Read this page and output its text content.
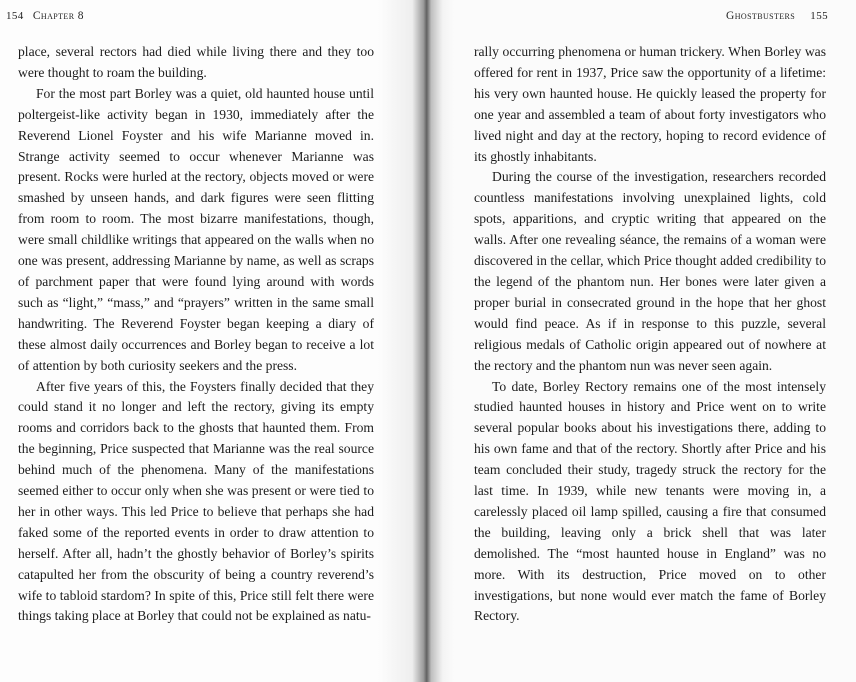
154 Chapter 8

place, several rectors had died while living there and they too were thought to roam the building.

For the most part Borley was a quiet, old haunted house until poltergeist-like activity began in 1930, immediately after the Reverend Lionel Foyster and his wife Marianne moved in. Strange activity seemed to occur whenever Marianne was present. Rocks were hurled at the rectory, objects moved or were smashed by unseen hands, and dark figures were seen flitting from room to room. The most bizarre manifestations, though, were small childlike writings that appeared on the walls when no one was present, addressing Marianne by name, as well as scraps of parchment paper that were found lying around with words such as “light,” “mass,” and “prayers” written in the same small handwriting. The Reverend Foyster began keeping a diary of these almost daily occurrences and Borley began to receive a lot of attention by both curiosity seekers and the press.

After five years of this, the Foysters finally decided that they could stand it no longer and left the rectory, giving its empty rooms and corridors back to the ghosts that haunted them. From the beginning, Price suspected that Marianne was the real source behind much of the phenomena. Many of the manifestations seemed either to occur only when she was present or were tied to her in other ways. This led Price to believe that perhaps she had faked some of the reported events in order to draw attention to herself. After all, hadn’t the ghostly behavior of Borley’s spirits catapulted her from the obscurity of being a country reverend’s wife to tabloid stardom? In spite of this, Price still felt there were things taking place at Borley that could not be explained as natu-

Ghostbusters 155

rally occurring phenomena or human trickery. When Borley was offered for rent in 1937, Price saw the opportunity of a lifetime: his very own haunted house. He quickly leased the property for one year and assembled a team of about forty investigators who lived night and day at the rectory, hoping to record evidence of its ghostly inhabitants.

During the course of the investigation, researchers recorded countless manifestations involving unexplained lights, cold spots, apparitions, and cryptic writing that appeared on the walls. After one revealing séance, the remains of a woman were discovered in the cellar, which Price thought added credibility to the legend of the phantom nun. Her bones were later given a proper burial in consecrated ground in the hope that her ghost would find peace. As if in response to this puzzle, several religious medals of Catholic origin appeared out of nowhere at the rectory and the phantom nun was never seen again.

To date, Borley Rectory remains one of the most intensely studied haunted houses in history and Price went on to write several popular books about his investigations there, adding to his own fame and that of the rectory. Shortly after Price and his team concluded their study, tragedy struck the rectory for the last time. In 1939, while new tenants were moving in, a carelessly placed oil lamp spilled, causing a fire that consumed the building, leaving only a brick shell that was later demolished. The “most haunted house in England” was no more. With its destruction, Price moved on to other investigations, but none would ever match the fame of Borley Rectory.
